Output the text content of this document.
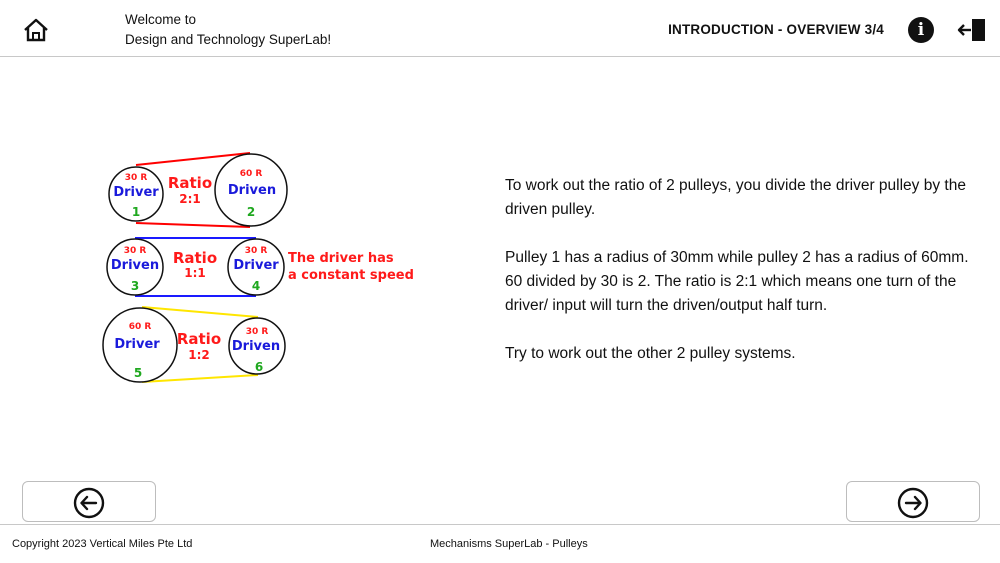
Welcome to
Design and Technology SuperLab!
INTRODUCTION - OVERVIEW 3/4	i
30 R
Driver
1
60 R
Driven
2
Ratio
2:1
30 R
Driven
3
30 R
Driver
4
Ratio
1:1
The driver has
a constant speed
60 R
Driver
5
30 R
Driven
6
Ratio
1:2

To work out the ratio of 2 pulleys, you divide the driver pulley by the driven pulley.

Pulley 1 has a radius of 30mm while pulley 2 has a radius of 60mm. 60 divided by 30 is 2. The ratio is 2:1 which means one turn of the driver/ input will turn the driven/output half turn.

Try to work out the other 2 pulley systems.

Copyright 2023 Vertical Miles Pte Ltd	Mechanisms SuperLab - Pulleys
